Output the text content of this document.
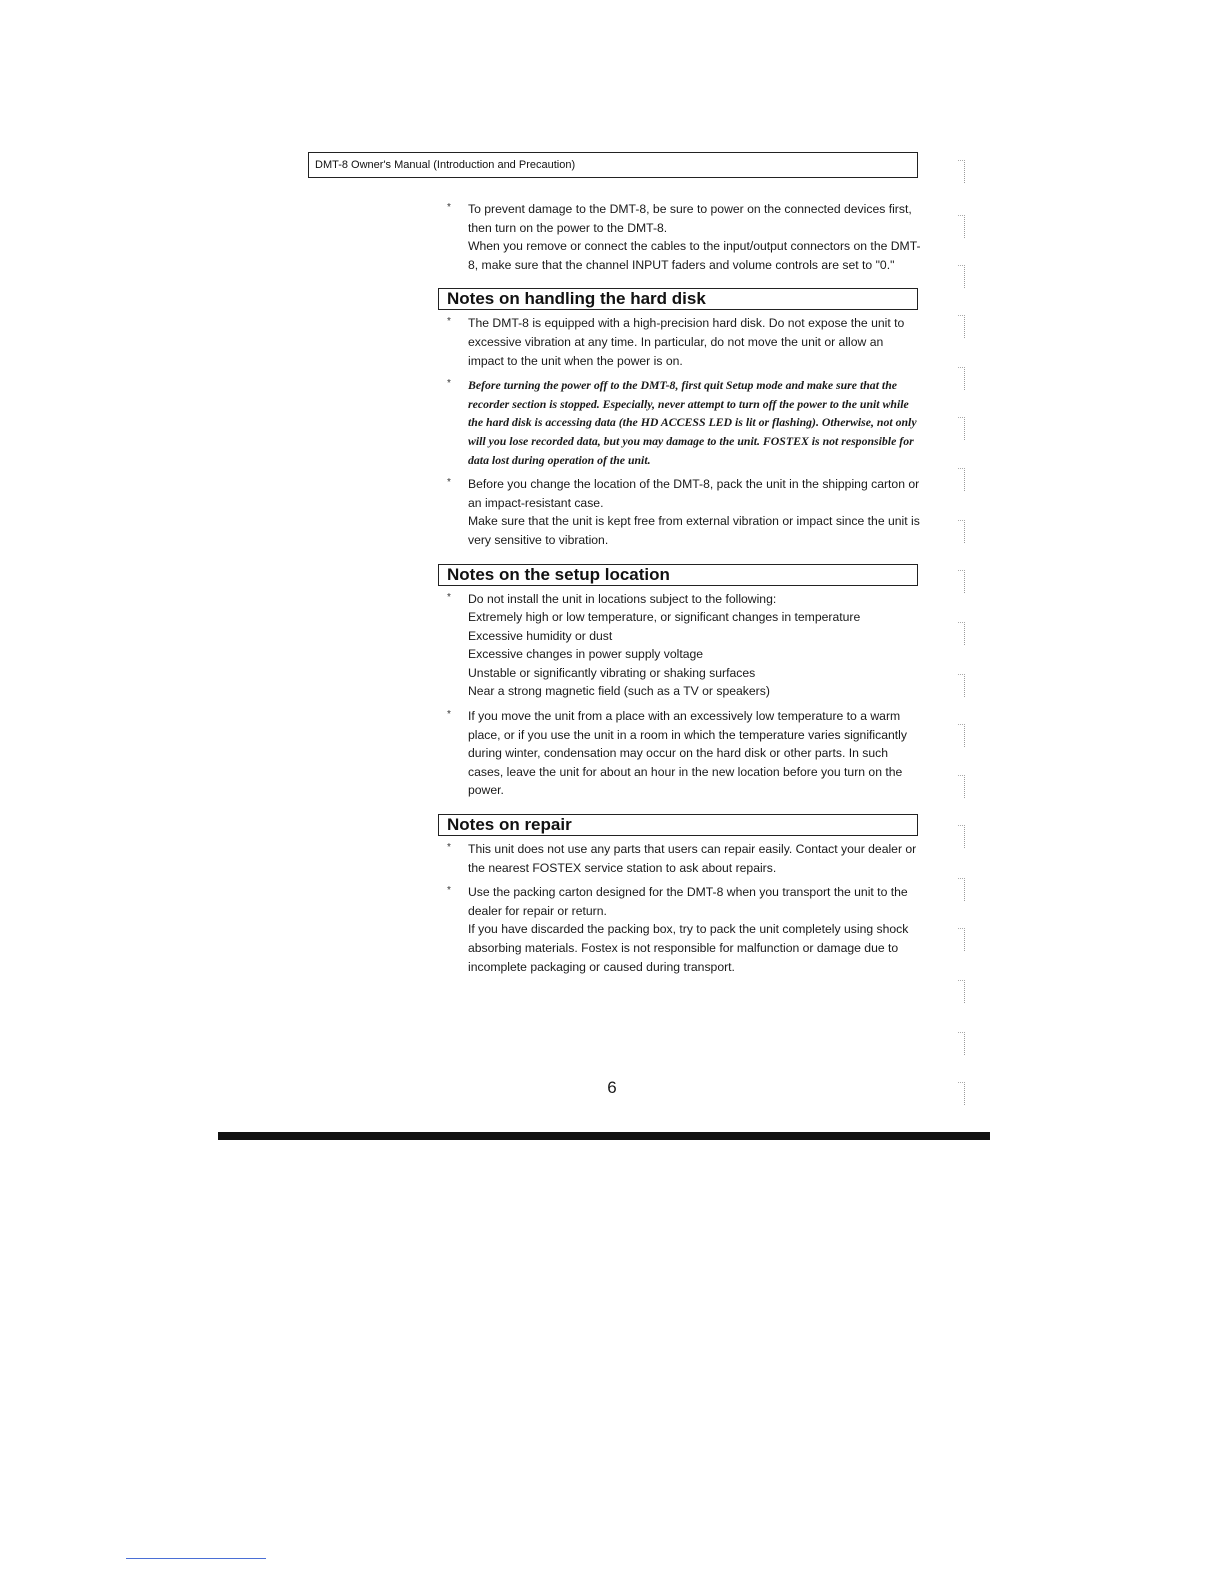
DMT-8 Owner's Manual (Introduction and Precaution)
* To prevent damage to the DMT-8, be sure to power on the connected devices first, then turn on the power to the DMT-8.

When you remove or connect the cables to the input/output connectors on the DMT-8, make sure that the channel INPUT faders and volume controls are set to "0."

Notes on handling the hard disk
* The DMT-8 is equipped with a high-precision hard disk. Do not expose the unit to excessive vibration at any time. In particular, do not move the unit or allow an impact to the unit when the power is on.

* Before turning the power off to the DMT-8, first quit Setup mode and make sure that the recorder section is stopped. Especially, never attempt to turn off the power to the unit while the hard disk is accessing data (the HD ACCESS LED is lit or flashing). Otherwise, not only will you lose recorded data, but you may damage to the unit. FOSTEX is not responsible for data lost during operation of the unit.

* Before you change the location of the DMT-8, pack the unit in the shipping carton or an impact-resistant case.

Make sure that the unit is kept free from external vibration or impact since the unit is very sensitive to vibration.

Notes on the setup location
* Do not install the unit in locations subject to the following:

Extremely high or low temperature, or significant changes in temperature

Excessive humidity or dust

Excessive changes in power supply voltage

Unstable or significantly vibrating or shaking surfaces

Near a strong magnetic field (such as a TV or speakers)

* If you move the unit from a place with an excessively low temperature to a warm place, or if you use the unit in a room in which the temperature varies significantly during winter, condensation may occur on the hard disk or other parts. In such cases, leave the unit for about an hour in the new location before you turn on the power.

Notes on repair
* This unit does not use any parts that users can repair easily. Contact your dealer or the nearest FOSTEX service station to ask about repairs.

* Use the packing carton designed for the DMT-8 when you transport the unit to the dealer for repair or return.

If you have discarded the packing box, try to pack the unit completely using shock absorbing materials. Fostex is not responsible for malfunction or damage due to incomplete packaging or caused during transport.

6
